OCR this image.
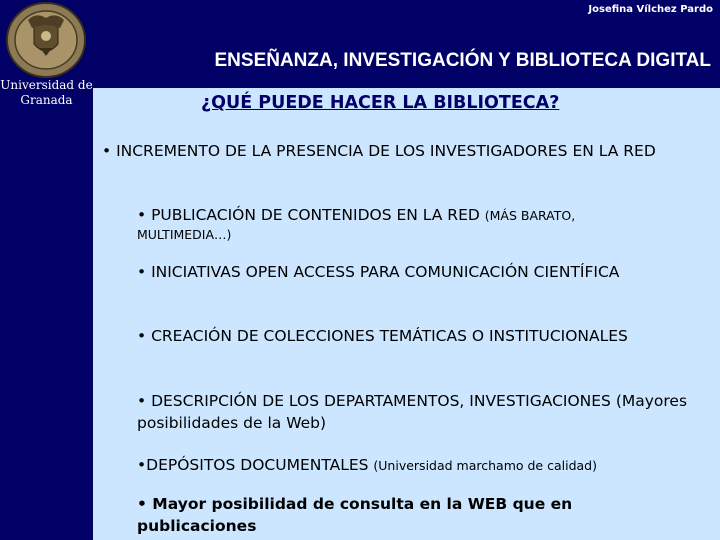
Universidad de
Granada
Josefina Vílchez Pardo
ENSEÑANZA, INVESTIGACIÓN Y BIBLIOTECA DIGITAL
¿QUÉ PUEDE HACER LA BIBLIOTECA?
• INCREMENTO DE LA PRESENCIA DE LOS INVESTIGADORES EN LA RED
• PUBLICACIÓN DE CONTENIDOS EN LA RED (MÁS BARATO,
MULTIMEDIA…)
• INICIATIVAS OPEN ACCESS PARA COMUNICACIÓN CIENTÍFICA
• CREACIÓN DE COLECCIONES TEMÁTICAS O INSTITUCIONALES
• DESCRIPCIÓN DE LOS DEPARTAMENTOS, INVESTIGACIONES (Mayores posibilidades de la Web)
•DEPÓSITOS DOCUMENTALES (Universidad marchamo de calidad)
• Mayor posibilidad de consulta en la WEB que en publicaciones
